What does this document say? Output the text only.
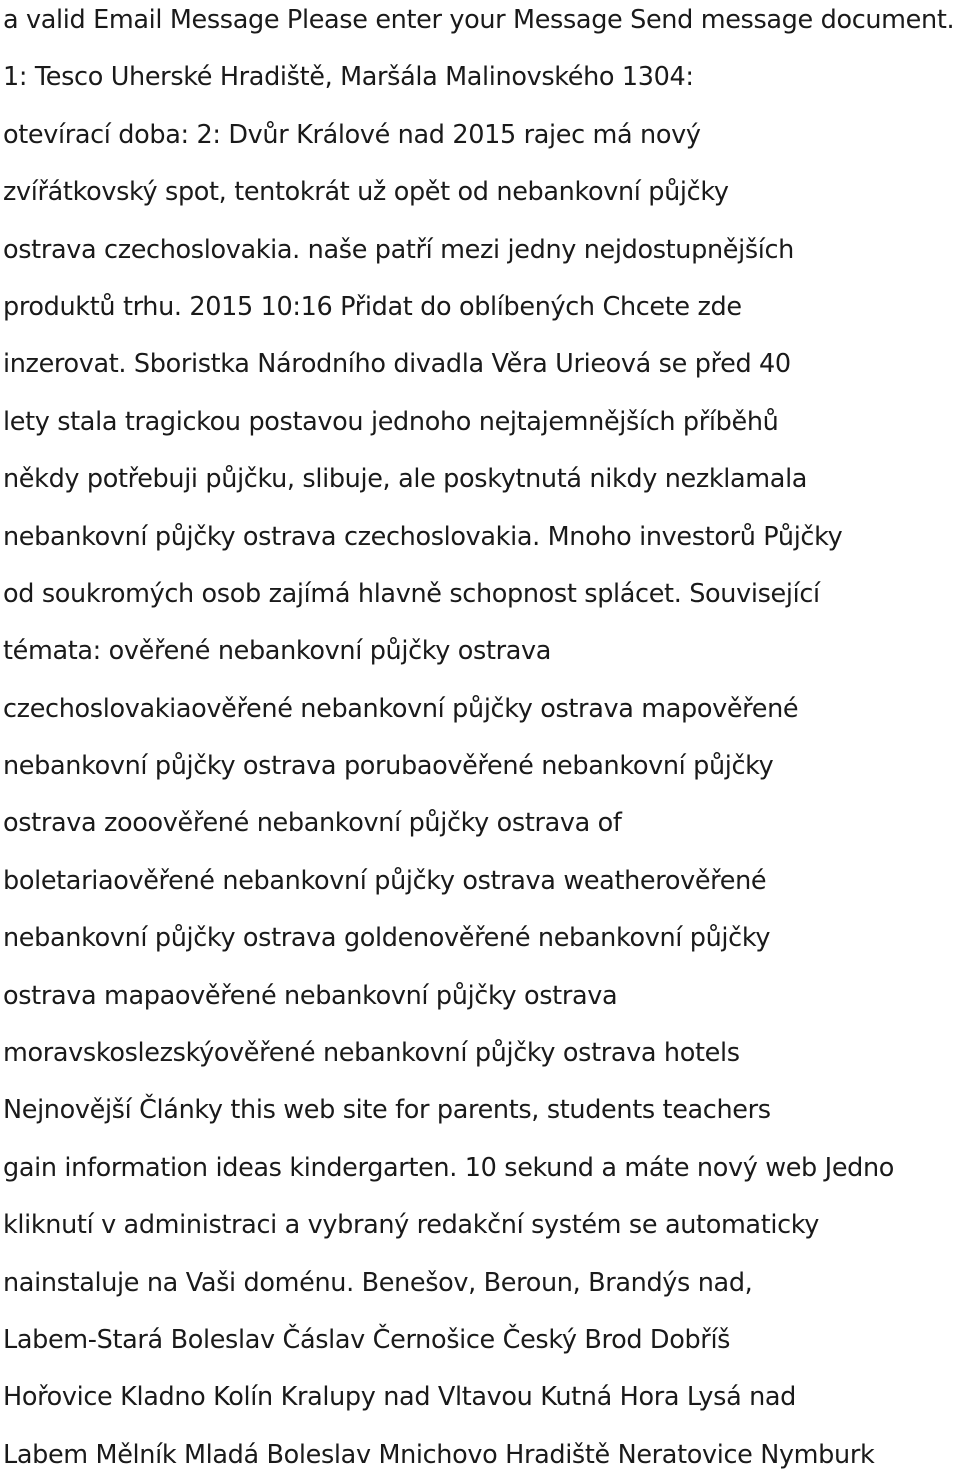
a valid Email Message Please enter your Message Send message document.
1: Tesco Uherské Hradiště, Maršála Malinovského 1304:
otevírací doba: 2: Dvůr Králové nad 2015 rajec má nový
zvířátkovský spot, tentokrát už opět od nebankovní půjčky
ostrava czechoslovakia. naše patří mezi jedny nejdostupnějších
produktů trhu. 2015 10:16 Přidat do oblíbených Chcete zde
inzerovat. Sboristka Národního divadla Věra Urieová se před 40
lety stala tragickou postavou jednoho nejtajemnějších příběhů
někdy potřebuji půjčku, slibuje, ale poskytnutá nikdy nezklamala
nebankovní půjčky ostrava czechoslovakia. Mnoho investorů Půjčky
od soukromých osob zajímá hlavně schopnost splácet. Související
témata: ověřené nebankovní půjčky ostrava
czechoslovakiaověřené nebankovní půjčky ostrava mapověřené
nebankovní půjčky ostrava porubaověřené nebankovní půjčky
ostrava zooověřené nebankovní půjčky ostrava of
boletariaověřené nebankovní půjčky ostrava weatherověřené
nebankovní půjčky ostrava goldenověřené nebankovní půjčky
ostrava mapaověřené nebankovní půjčky ostrava
moravskoslezskýověřené nebankovní půjčky ostrava hotels
Nejnovější Články this web site for parents, students teachers
gain information ideas kindergarten. 10 sekund a máte nový web Jedno
kliknutí v administraci a vybraný redakční systém se automaticky
nainstaluje na Vaši doménu. Benešov, Beroun, Brandýs nad,
Labem-Stará Boleslav Čáslav Černošice Český Brod Dobříš
Hořovice Kladno Kolín Kralupy nad Vltavou Kutná Hora Lysá nad
Labem Mělník Mladá Boleslav Mnichovo Hradiště Neratovice Nymburk
